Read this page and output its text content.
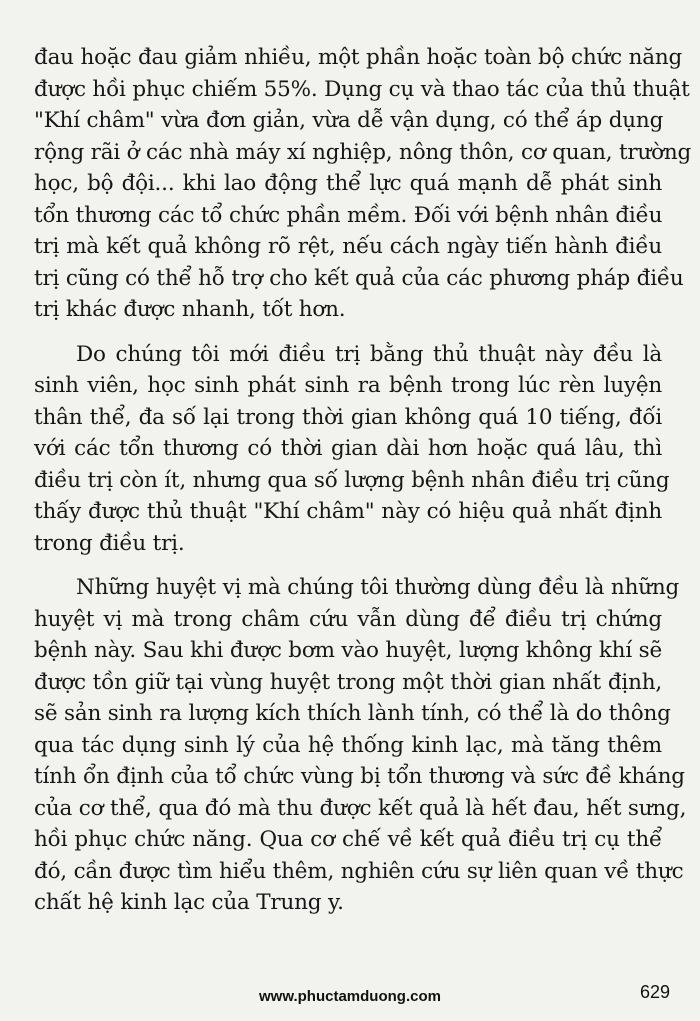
đau hoặc đau giảm nhiều, một phần hoặc toàn bộ chức năng
được hồi phục chiếm 55%. Dụng cụ và thao tác của thủ thuật
"Khí châm" vừa đơn giản, vừa dễ vận dụng, có thể áp dụng
rộng rãi ở các nhà máy xí nghiệp, nông thôn, cơ quan, trường
học, bộ đội... khi lao động thể lực quá mạnh dễ phát sinh
tổn thương các tổ chức phần mềm. Đối với bệnh nhân điều
trị mà kết quả không rõ rệt, nếu cách ngày tiến hành điều
trị cũng có thể hỗ trợ cho kết quả của các phương pháp điều
trị khác được nhanh, tốt hơn.
Do chúng tôi mới điều trị bằng thủ thuật này đều là
sinh viên, học sinh phát sinh ra bệnh trong lúc rèn luyện
thân thể, đa số lại trong thời gian không quá 10 tiếng, đối
với các tổn thương có thời gian dài hơn hoặc quá lâu, thì
điều trị còn ít, nhưng qua số lượng bệnh nhân điều trị cũng
thấy được thủ thuật "Khí châm" này có hiệu quả nhất định
trong điều trị.
Những huyệt vị mà chúng tôi thường dùng đều là những
huyệt vị mà trong châm cứu vẫn dùng để điều trị chứng
bệnh này. Sau khi được bơm vào huyệt, lượng không khí sẽ
được tồn giữ tại vùng huyệt trong một thời gian nhất định,
sẽ sản sinh ra lượng kích thích lành tính, có thể là do thông
qua tác dụng sinh lý của hệ thống kinh lạc, mà tăng thêm
tính ổn định của tổ chức vùng bị tổn thương và sức đề kháng
của cơ thể, qua đó mà thu được kết quả là hết đau, hết sưng,
hồi phục chức năng. Qua cơ chế về kết quả điều trị cụ thể
đó, cần được tìm hiểu thêm, nghiên cứu sự liên quan về thực
chất hệ kinh lạc của Trung y.
www.phuctamduong.com	629
